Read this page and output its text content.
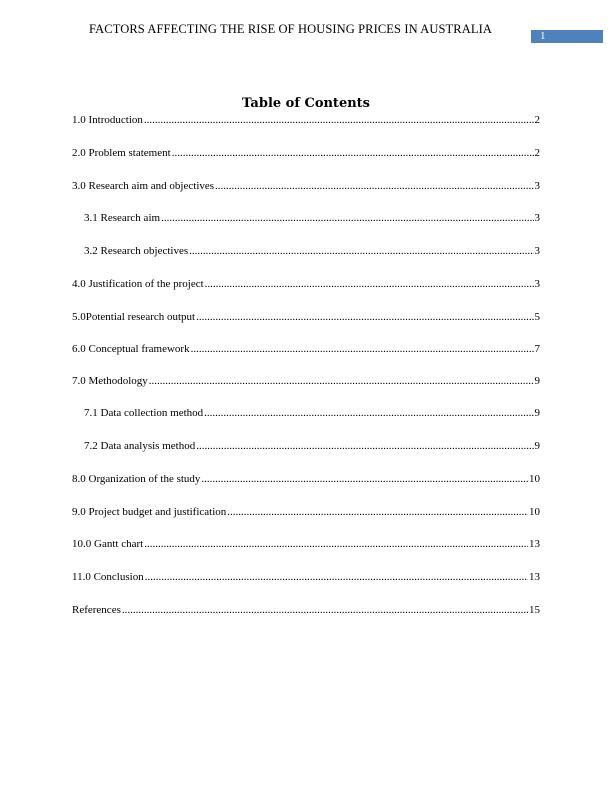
FACTORS AFFECTING THE RISE OF HOUSING PRICES IN AUSTRALIA	1
Table of Contents
1.0 Introduction .....	2
2.0 Problem statement .....	2
3.0 Research aim and objectives .....	3
3.1 Research aim .....	3
3.2 Research objectives .....	3
4.0 Justification of the project .....	3
5.0Potential research output .....	5
6.0 Conceptual framework .....	7
7.0 Methodology .....	9
7.1 Data collection method .....	9
7.2 Data analysis method .....	9
8.0 Organization of the study .....	10
9.0 Project budget and justification .....	10
10.0 Gantt chart .....	13
11.0 Conclusion .....	13
References .....	15
